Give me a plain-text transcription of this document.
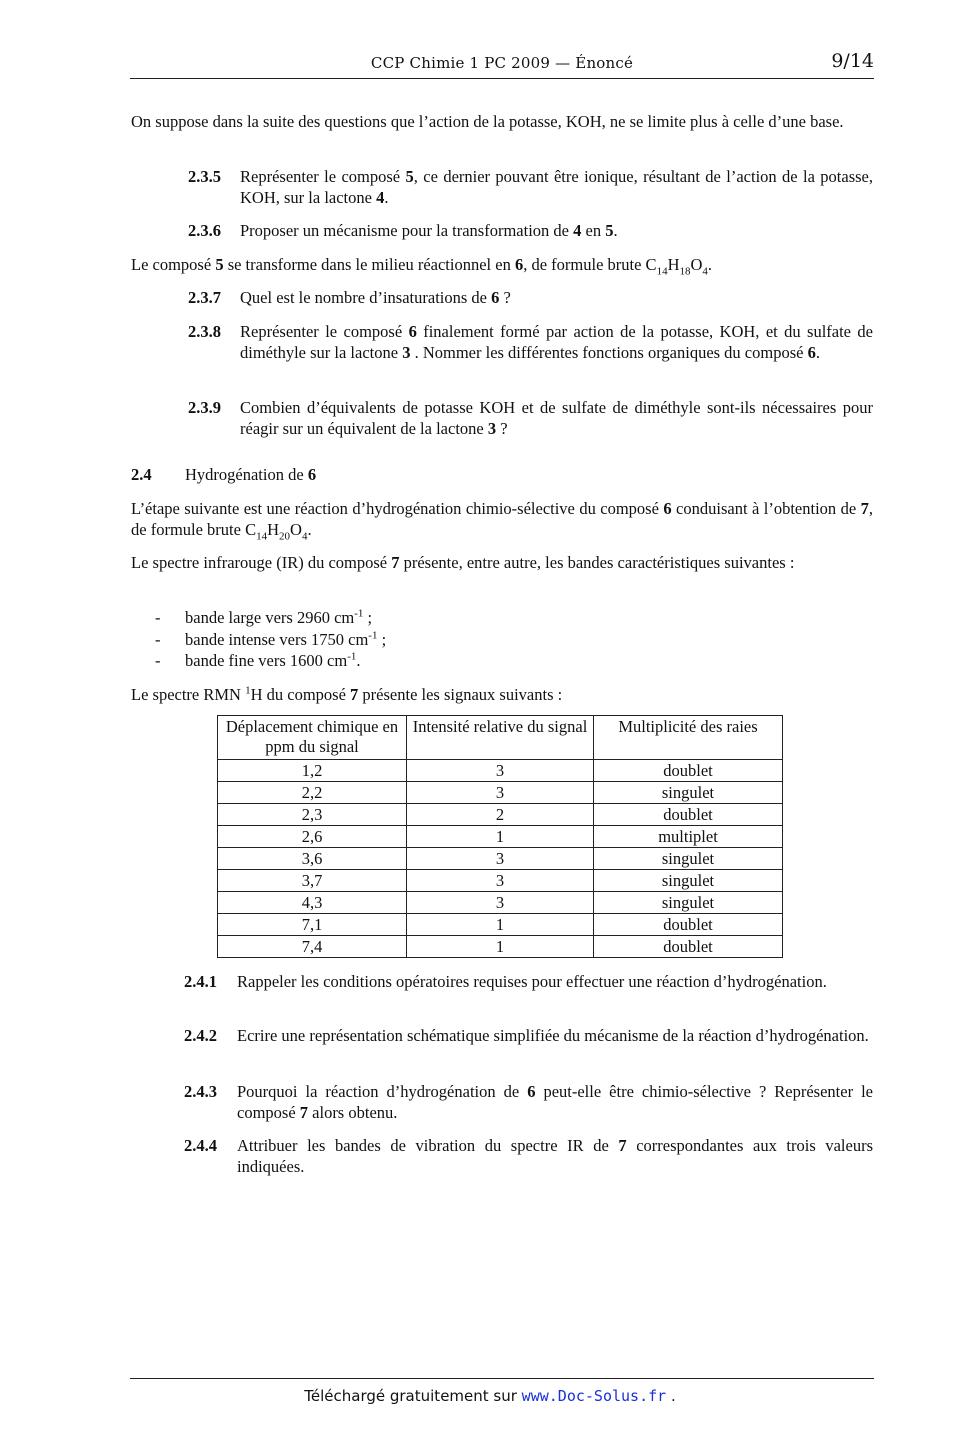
CCP Chimie 1 PC 2009 — Énoncé	9/14

On suppose dans la suite des questions que l’action de la potasse, KOH, ne se limite plus à celle d’une base.

2.3.5 Représenter le composé 5, ce dernier pouvant être ionique, résultant de l’action de la potasse, KOH, sur la lactone 4.
2.3.6 Proposer un mécanisme pour la transformation de 4 en 5.

Le composé 5 se transforme dans le milieu réactionnel en 6, de formule brute $C_{14}H_{18}O_4$.

2.3.7 Quel est le nombre d’insaturations de 6 ?
2.3.8 Représenter le composé 6 finalement formé par action de la potasse, KOH, et du sulfate de diméthyle sur la lactone 3 . Nommer les différentes fonctions organiques du composé 6.
2.3.9 Combien d’équivalents de potasse KOH et de sulfate de diméthyle sont-ils nécessaires pour réagir sur un équivalent de la lactone 3 ?
2.4 Hydrogénation de 6

L’étape suivante est une réaction d’hydrogénation chimio-sélective du composé 6 conduisant à l’obtention de 7, de formule brute $C_{14}H_{20}O_4$.

Le spectre infrarouge (IR) du composé 7 présente, entre autre, les bandes caractéristiques suivantes :

- bande large vers 2960 $cm^{-1}$ ;
- bande intense vers 1750 $cm^{-1}$ ;
- bande fine vers 1600 $cm^{-1}$.

Le spectre RMN $^1$H du composé 7 présente les signaux suivants :

Déplacement chimique en ppm du signal	Intensité relative du signal	Multiplicité des raies
1,2	3	doublet
2,2	3	singulet
2,3	2	doublet
2,6	1	multiplet
3,6	3	singulet
3,7	3	singulet
4,3	3	singulet
7,1	1	doublet
7,4	1	doublet
2.4.1 Rappeler les conditions opératoires requises pour effectuer une réaction d’hydrogénation.
2.4.2 Ecrire une représentation schématique simplifiée du mécanisme de la réaction d’hydrogénation.
2.4.3 Pourquoi la réaction d’hydrogénation de 6 peut-elle être chimio-sélective ? Représenter le composé 7 alors obtenu.
2.4.4 Attribuer les bandes de vibration du spectre IR de 7 correspondantes aux trois valeurs indiquées.
Téléchargé gratuitement sur www.Doc-Solus.fr .
